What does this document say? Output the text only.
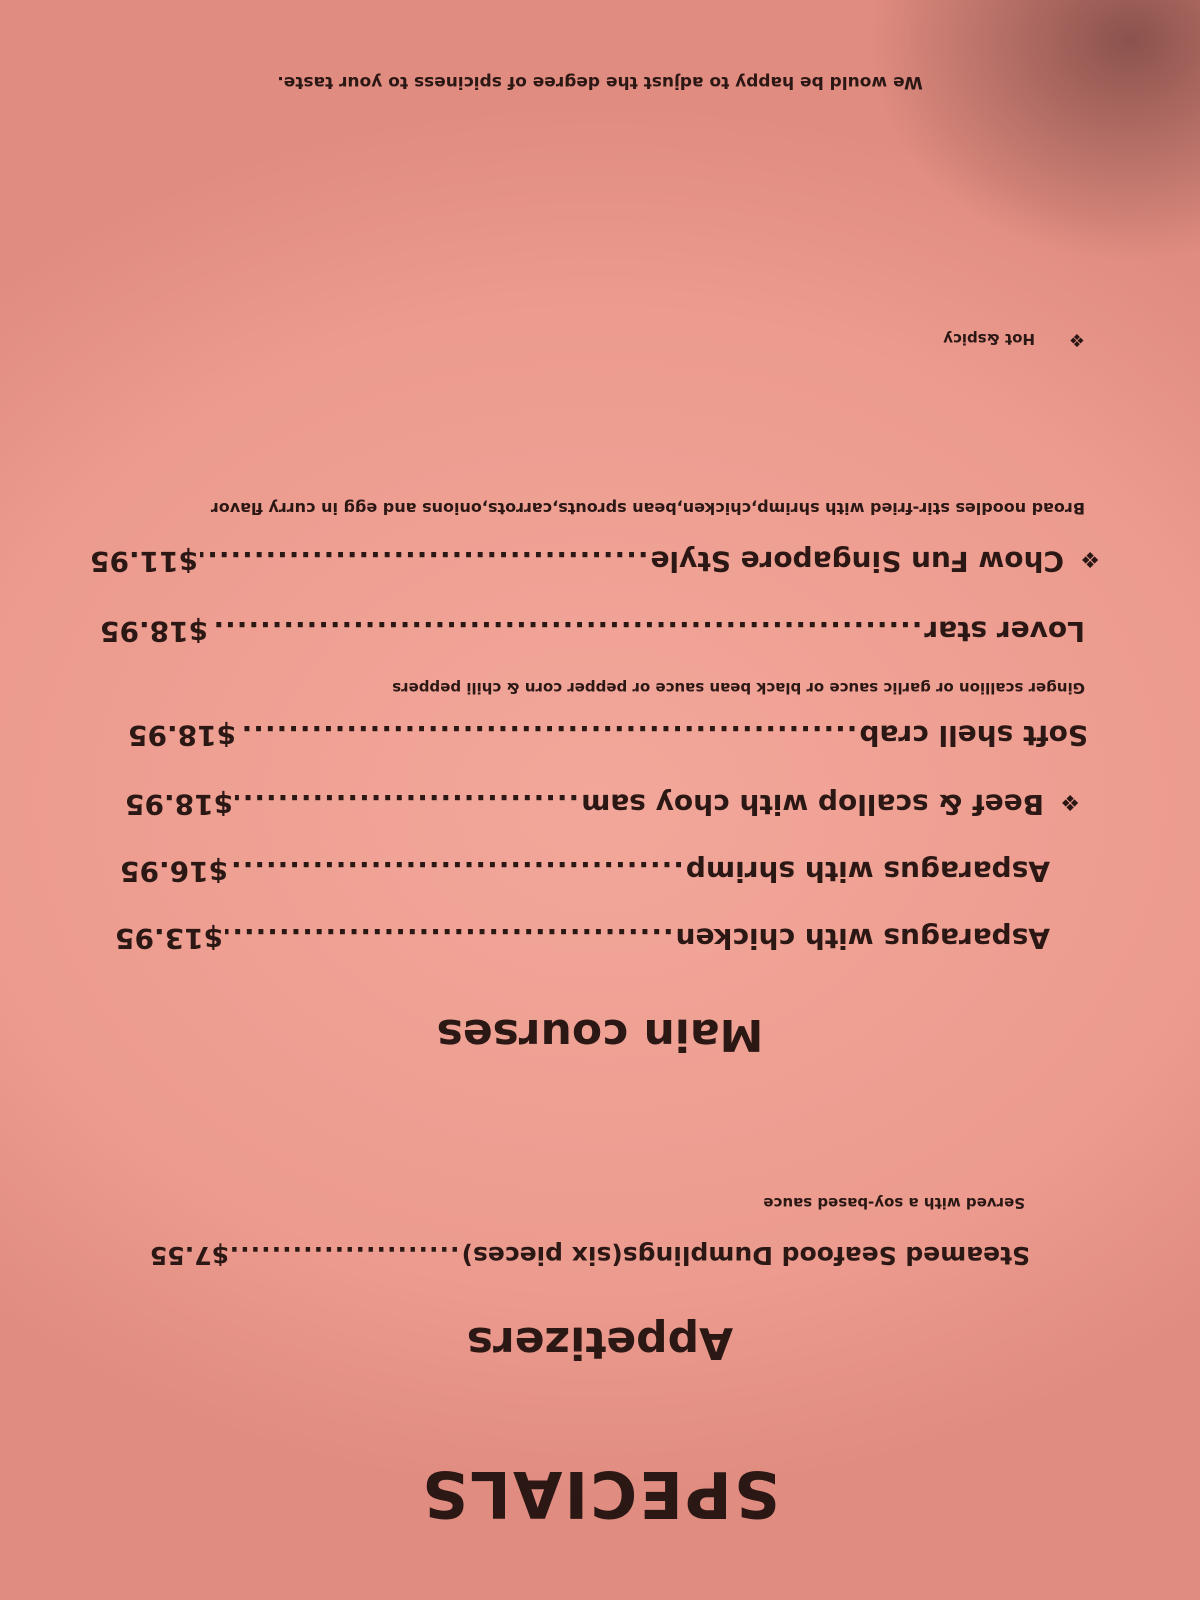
SPECIALS
Appetizers
Steamed Seafood Dumplings(six pieces)
.....
$7.55
Served with a soy-based sauce
Main courses
Asparagus with chicken
.....
$13.95
Asparagus with shrimp
.....
$16.95
❖
Beef & scallop with choy sam
.....
$18.95
Soft shell crab
.....
$18.95
Ginger scallion or garlic sauce or black bean sauce or pepper corn & chili peppers
Lover star
.....
$18.95
❖
Chow Fun Singapore Style
.....
$11.95
Broad noodles stir-fried with shrimp,chicken,bean sprouts,carrots,onions and egg in curry flavor
❖
Hot &spicy
We would be happy to adjust the degree of spiciness to your taste.
